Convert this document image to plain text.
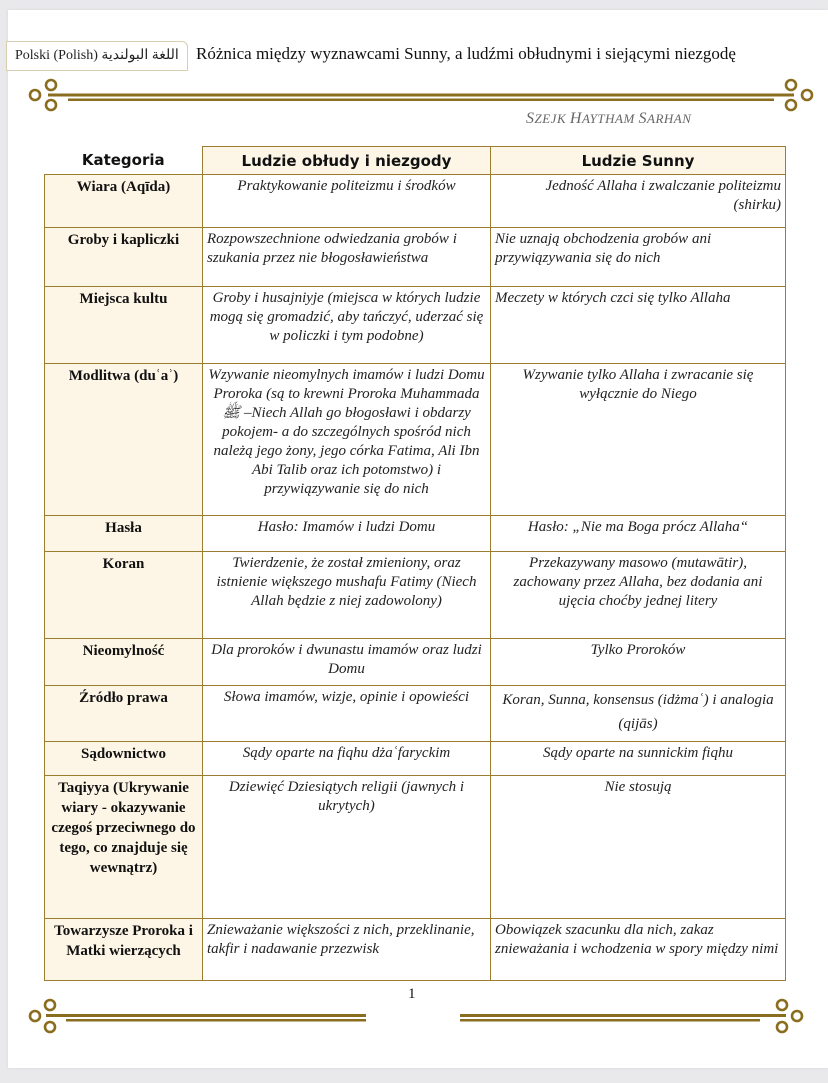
Polski (Polish) اللغة البولندية	Różnica między wyznawcami Sunny, a ludźmi obłudnymi i siejącymi niezgodę
SZEJK HAYTHAM SARHAN
Kategoria	Ludzie obłudy i niezgody	Ludzie Sunny
Wiara (Aqīda)	Praktykowanie politeizmu i środków	Jedność Allaha i zwalczanie politeizmu (shirku)
Groby i kapliczki	Rozpowszechnione odwiedzania grobów i szukania przez nie błogosławieństwa	Nie uznają obchodzenia grobów ani przywiązywania się do nich
Miejsca kultu	Groby i husajniyje (miejsca w których ludzie mogą się gromadzić, aby tańczyć, uderzać się w policzki i tym podobne)	Meczety w których czci się tylko Allaha
Modlitwa (duʿaʾ)	Wzywanie nieomylnych imamów i ludzi Domu Proroka (są to krewni Proroka Muhammada ﷺ –Niech Allah go błogosławi i obdarzy pokojem- a do szczególnych spośród nich należą jego żony, jego córka Fatima, Ali Ibn Abi Talib oraz ich potomstwo) i przywiązywanie się do nich	Wzywanie tylko Allaha i zwracanie się wyłącznie do Niego
Hasła	Hasło: Imamów i ludzi Domu	Hasło: „Nie ma Boga prócz Allaha“
Koran	Twierdzenie, że został zmieniony, oraz istnienie większego mushafu Fatimy (Niech Allah będzie z niej zadowolony)	Przekazywany masowo (mutawātir), zachowany przez Allaha, bez dodania ani ujęcia choćby jednej litery
Nieomylność	Dla proroków i dwunastu imamów oraz ludzi Domu	Tylko Proroków
Źródło prawa	Słowa imamów, wizje, opinie i opowieści	Koran, Sunna, konsensus (idżmaʿ) i analogia (qijās)
Sądownictwo	Sądy oparte na fiqhu dżaʿfaryckim	Sądy oparte na sunnickim fiqhu
Taqiyya (Ukrywanie wiary - okazywanie czegoś przeciwnego do tego, co znajduje się wewnątrz)	Dziewięć Dziesiątych religii (jawnych i ukrytych)	Nie stosują
Towarzysze Proroka i Matki wierzących	Znieważanie większości z nich, przeklinanie, takfir i nadawanie przezwisk	Obowiązek szacunku dla nich, zakaz znieważania i wchodzenia w spory między nimi
1
